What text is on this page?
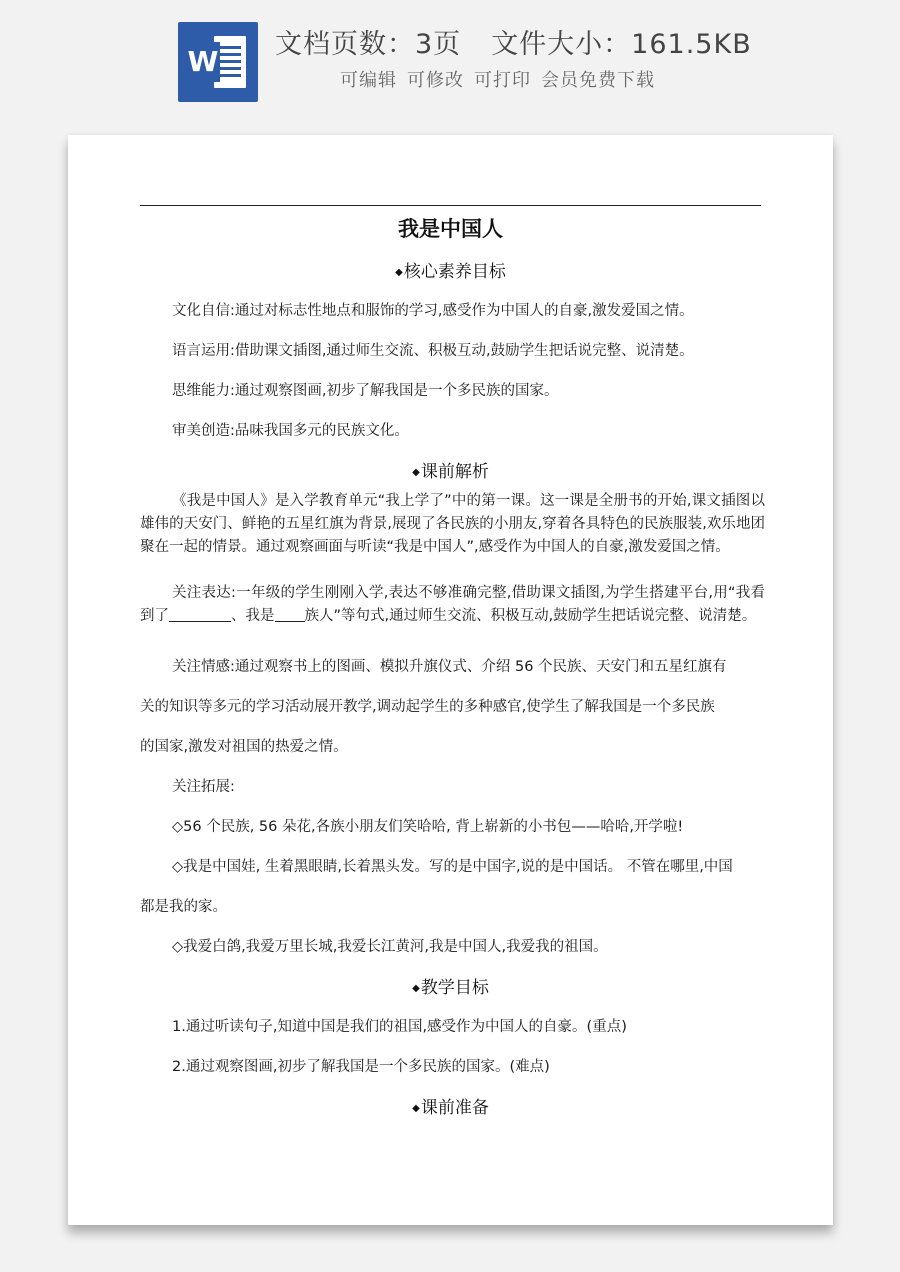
W
文档页数：3页 文件大小：161.5KB
可编辑 可修改 可打印 会员免费下载
我是中国人
◆核心素养目标
文化自信:通过对标志性地点和服饰的学习,感受作为中国人的自豪,激发爱国之情。
语言运用:借助课文插图,通过师生交流、积极互动,鼓励学生把话说完整、说清楚。
思维能力:通过观察图画,初步了解我国是一个多民族的国家。
审美创造:品味我国多元的民族文化。
◆课前解析
《我是中国人》是入学教育单元“我上学了”中的第一课。这一课是全册书的开始,课文插图以雄伟的天安门、鲜艳的五星红旗为背景,展现了各民族的小朋友,穿着各具特色的民族服装,欢乐地团聚在一起的情景。通过观察画面与听读“我是中国人”,感受作为中国人的自豪,激发爱国之情。
关注表达:一年级的学生刚刚入学,表达不够准确完整,借助课文插图,为学生搭建平台,用“我看到了	、我是 族人”等句式,通过师生交流、积极互动,鼓励学生把话说完整、说清楚。
关注情感:通过观察书上的图画、模拟升旗仪式、介绍 56 个民族、天安门和五星红旗有
关的知识等多元的学习活动展开教学,调动起学生的多种感官,使学生了解我国是一个多民族
的国家,激发对祖国的热爱之情。
关注拓展:
◇56 个民族, 56 朵花,各族小朋友们笑哈哈, 背上崭新的小书包——哈哈,开学啦!
◇我是中国娃, 生着黑眼睛,长着黑头发。写的是中国字,说的是中国话。 不管在哪里,中国
都是我的家。
◇我爱白鸽,我爱万里长城,我爱长江黄河,我是中国人,我爱我的祖国。
◆教学目标
1.通过听读句子,知道中国是我们的祖国,感受作为中国人的自豪。(重点)
2.通过观察图画,初步了解我国是一个多民族的国家。(难点)
◆课前准备
